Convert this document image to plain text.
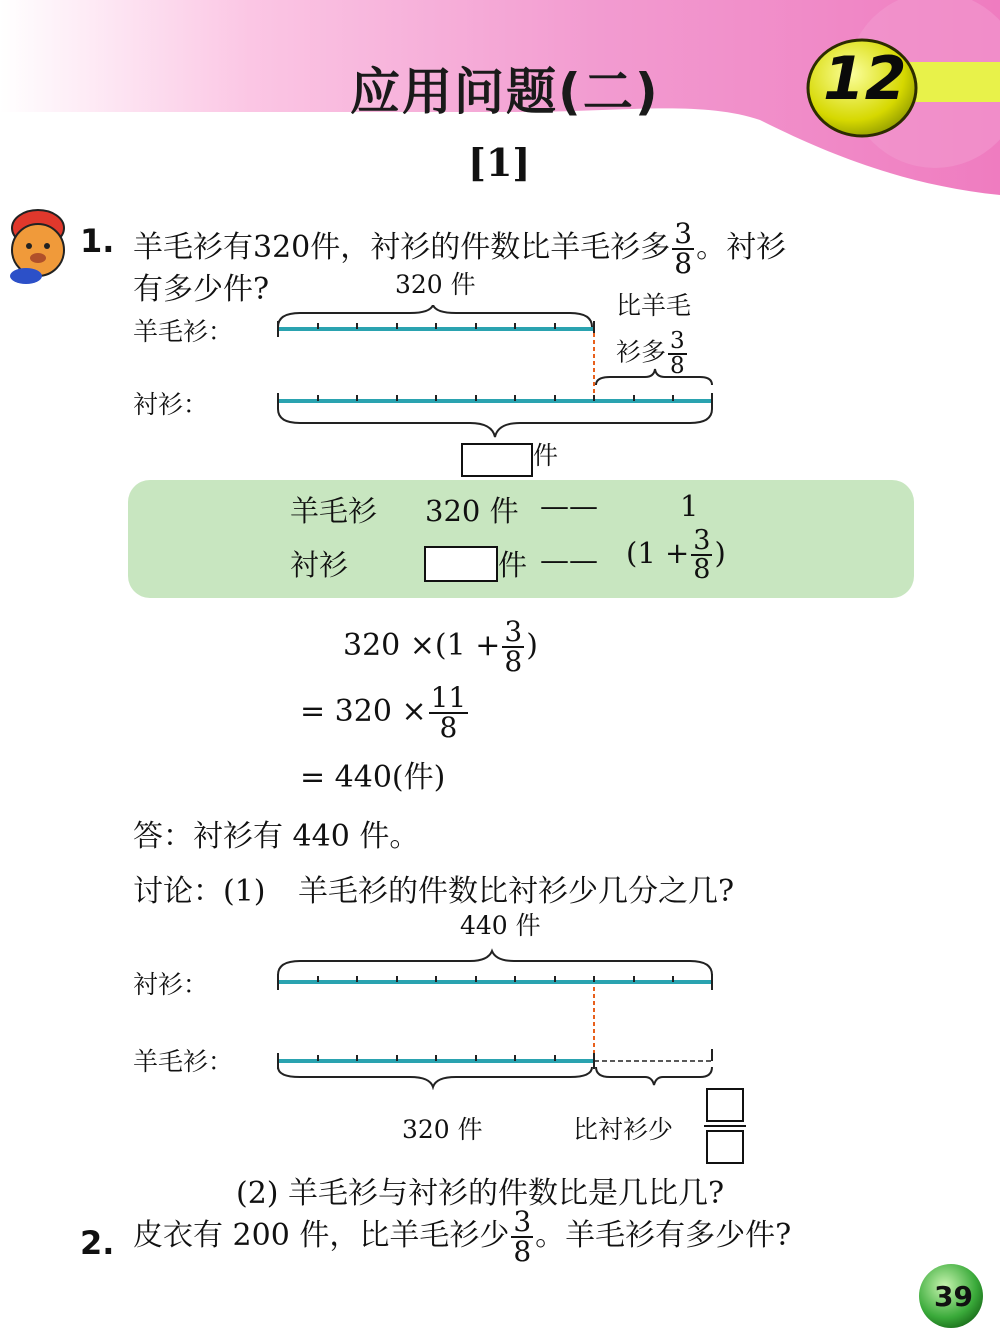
应用问题(二)	12
[1]
1. 羊毛衫有320件，衬衫的件数比羊毛衫多 $\frac{3}{8}$ 。衬衫
有多少件?	320 件
羊毛衫：
衬衫：
比羊毛
衫多 $\frac{3}{8}$
件
羊毛衫 320 件 ——	1
衬衫	件 —— ($1 + \frac{3}{8}$ )
$320 \times(1 + \frac{3}{8}$ )
= $320 \times \frac{11}{8}$
= 440(件)
答：衬衫有 440 件。
讨论：(1) 羊毛衫的件数比衬衫少几分之几?
440 件
衬衫：
羊毛衫：
320 件	比衬衫少
(2) 羊毛衫与衬衫的件数比是几比几?
2. 皮衣有 200 件，比羊毛衫少 $\frac{3}{8}$ 。羊毛衫有多少件?
39
